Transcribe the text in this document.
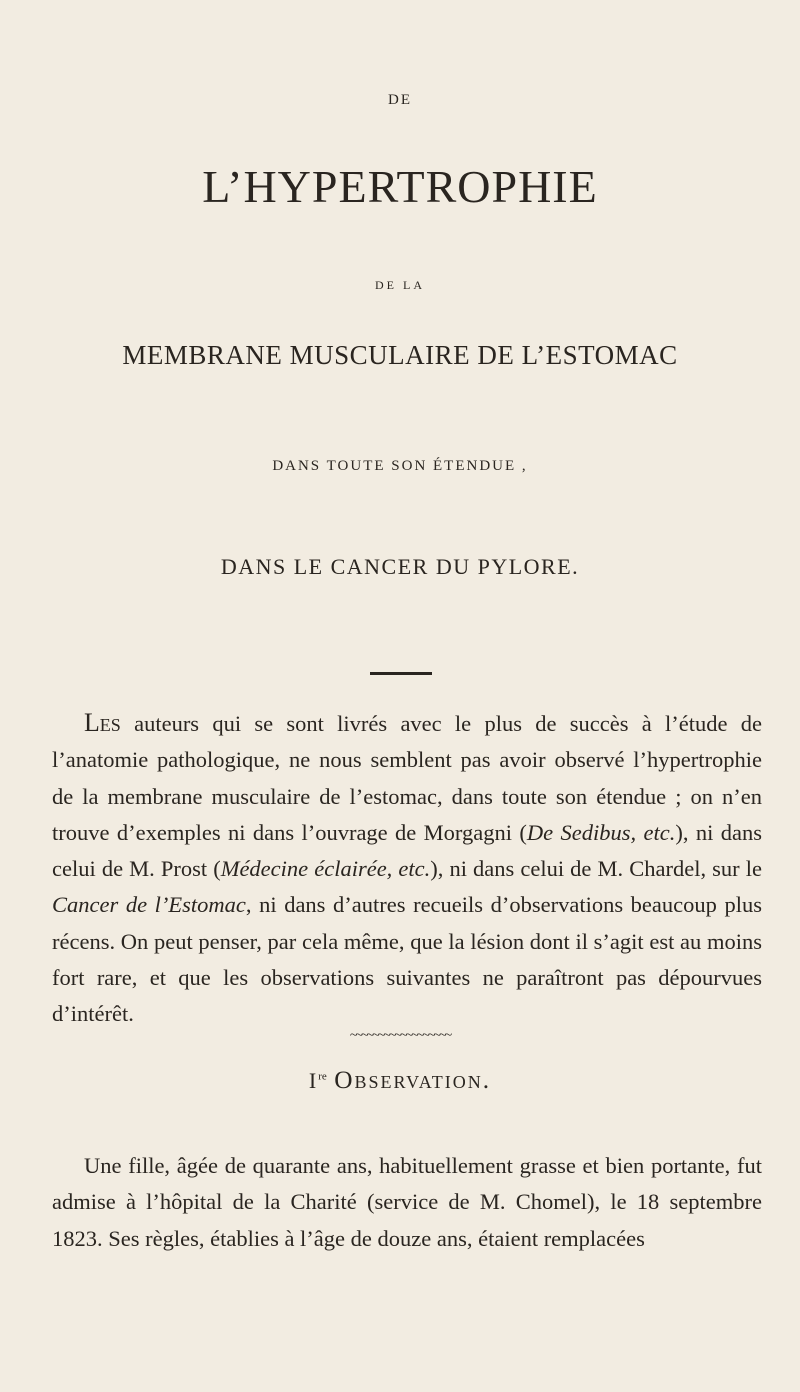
DE
L’HYPERTROPHIE
DE LA
MEMBRANE MUSCULAIRE DE L’ESTOMAC
DANS TOUTE SON ÉTENDUE ,
DANS LE CANCER DU PYLORE.

Les auteurs qui se sont livrés avec le plus de succès à l’étude de l’anatomie pathologique, ne nous semblent pas avoir observé l’hypertrophie de la membrane musculaire de l’estomac, dans toute son étendue ; on n’en trouve d’exemples ni dans l’ouvrage de Morgagni (De Sedibus, etc.), ni dans celui de M. Prost (Médecine éclairée, etc.), ni dans celui de M. Chardel, sur le Cancer de l’Estomac, ni dans d’autres recueils d’observations beaucoup plus récens. On peut penser, par cela même, que la lésion dont il s’agit est au moins fort rare, et que les observations suivantes ne paraîtront pas dépourvues d’intérêt.

~~~~~~~~~~~~~~~~~~
Ire Observation.

Une fille, âgée de quarante ans, habituellement grasse et bien portante, fut admise à l’hôpital de la Charité (service de M. Chomel), le 18 septembre 1823. Ses règles, établies à l’âge de douze ans, étaient remplacées
